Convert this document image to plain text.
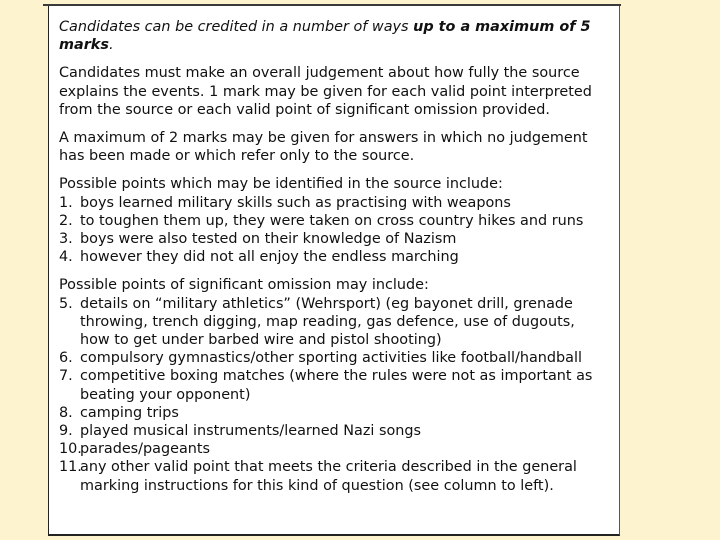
Candidates can be credited in a number of ways up to a maximum of 5 marks.

Candidates must make an overall judgement about how fully the source explains the events. 1 mark may be given for each valid point interpreted from the source or each valid point of significant omission provided.

A maximum of 2 marks may be given for answers in which no judgement has been made or which refer only to the source.

Possible points which may be identified in the source include:

1. boys learned military skills such as practising with weapons
2. to toughen them up, they were taken on cross country hikes and runs
3. boys were also tested on their knowledge of Nazism
4. however they did not all enjoy the endless marching

Possible points of significant omission may include:

5. details on “military athletics” (Wehrsport) (eg bayonet drill, grenade throwing, trench digging, map reading, gas defence, use of dugouts, how to get under barbed wire and pistol shooting)
6. compulsory gymnastics/other sporting activities like football/handball
7. competitive boxing matches (where the rules were not as important as beating your opponent)
8. camping trips
9. played musical instruments/learned Nazi songs
10.
parades/pageants
11.
any other valid point that meets the criteria described in the general marking instructions for this kind of question (see column to left).
